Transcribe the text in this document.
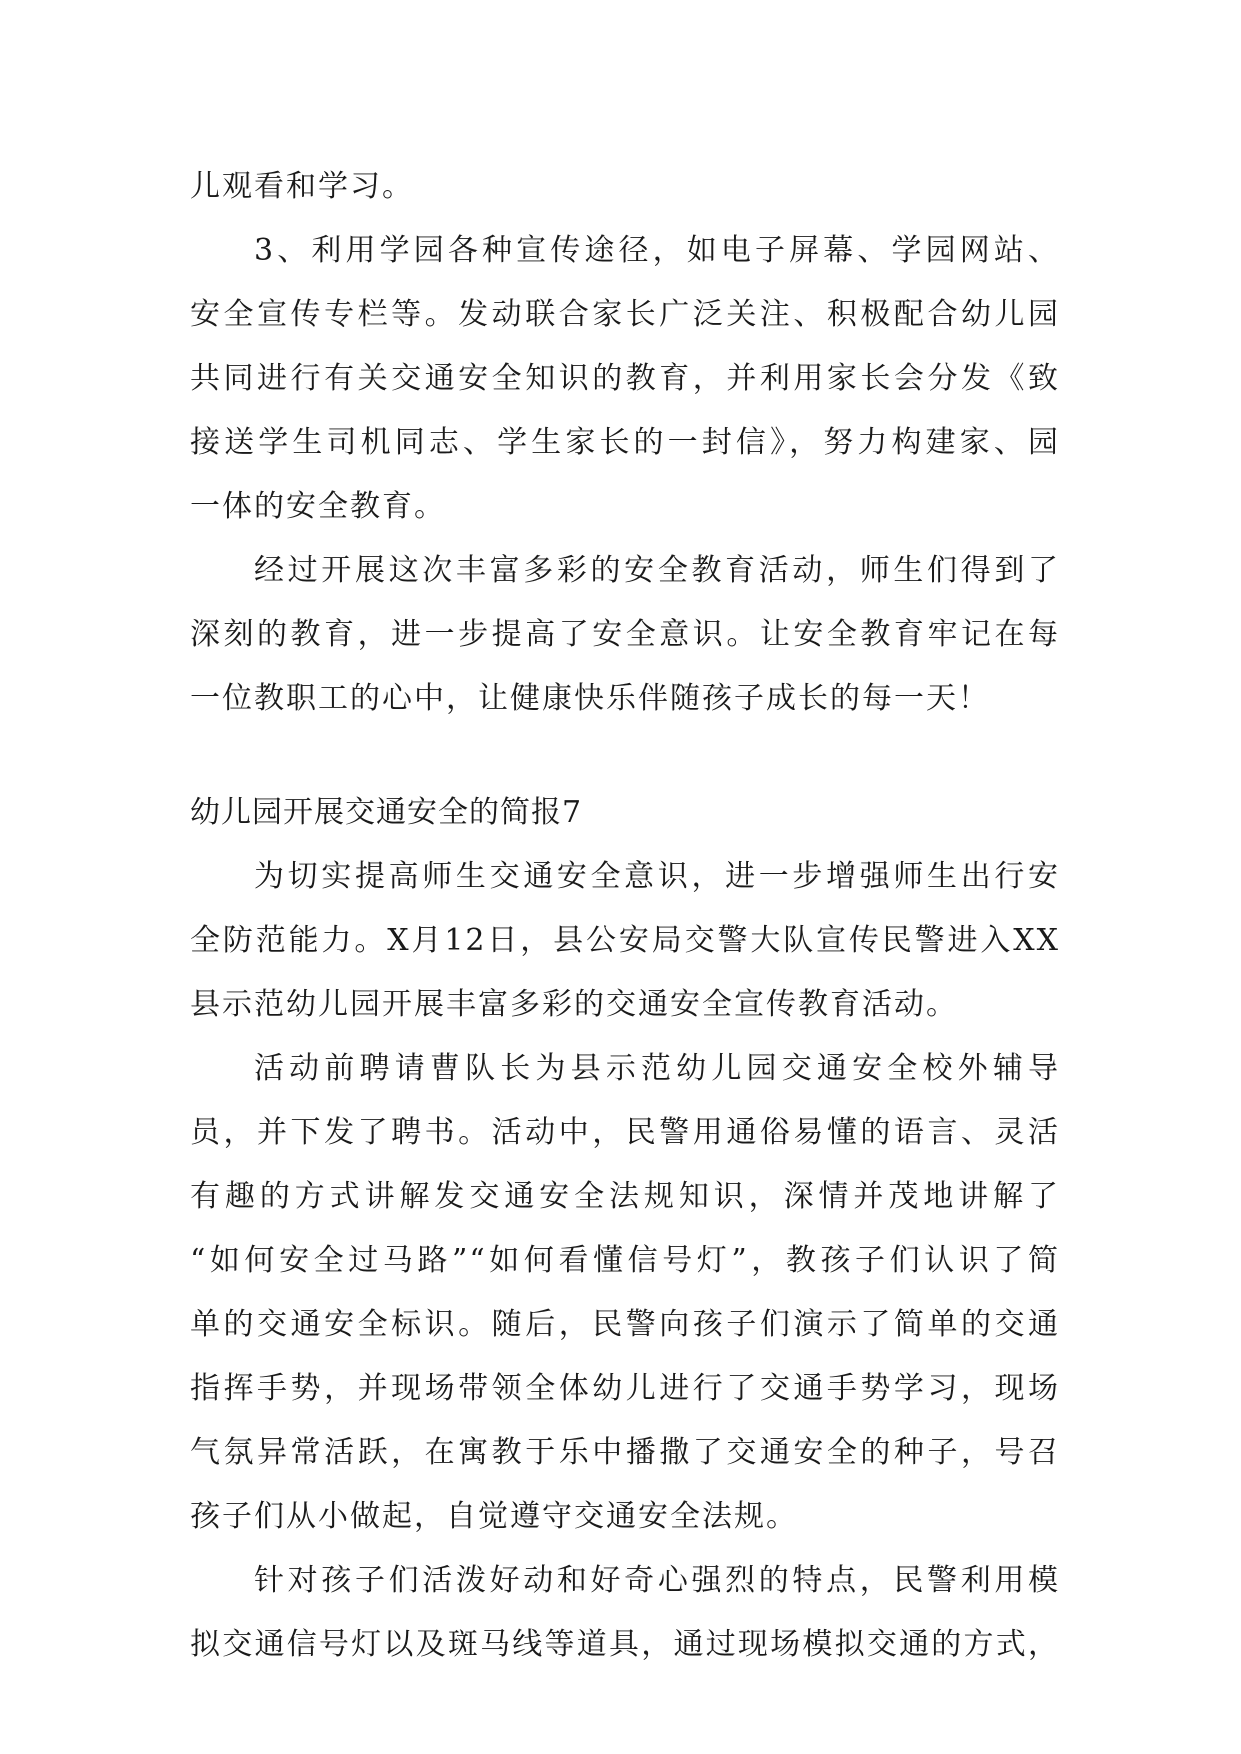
儿观看和学习。
3、利用学园各种宣传途径，如电子屏幕、学园网站、
安全宣传专栏等。发动联合家长广泛关注、积极配合幼儿园
共同进行有关交通安全知识的教育，并利用家长会分发《致
接送学生司机同志、学生家长的一封信》，努力构建家、园
一体的安全教育。
经过开展这次丰富多彩的安全教育活动，师生们得到了
深刻的教育，进一步提高了安全意识。让安全教育牢记在每
一位教职工的心中，让健康快乐伴随孩子成长的每一天！
幼儿园开展交通安全的简报7
为切实提高师生交通安全意识，进一步增强师生出行安
全防范能力。X月12日，县公安局交警大队宣传民警进入XX
县示范幼儿园开展丰富多彩的交通安全宣传教育活动。
活动前聘请曹队长为县示范幼儿园交通安全校外辅导
员，并下发了聘书。活动中，民警用通俗易懂的语言、灵活
有趣的方式讲解发交通安全法规知识，深情并茂地讲解了
“如何安全过马路”“如何看懂信号灯”，教孩子们认识了简
单的交通安全标识。随后，民警向孩子们演示了简单的交通
指挥手势，并现场带领全体幼儿进行了交通手势学习，现场
气氛异常活跃，在寓教于乐中播撒了交通安全的种子，号召
孩子们从小做起，自觉遵守交通安全法规。
针对孩子们活泼好动和好奇心强烈的特点，民警利用模
拟交通信号灯以及斑马线等道具，通过现场模拟交通的方式，
